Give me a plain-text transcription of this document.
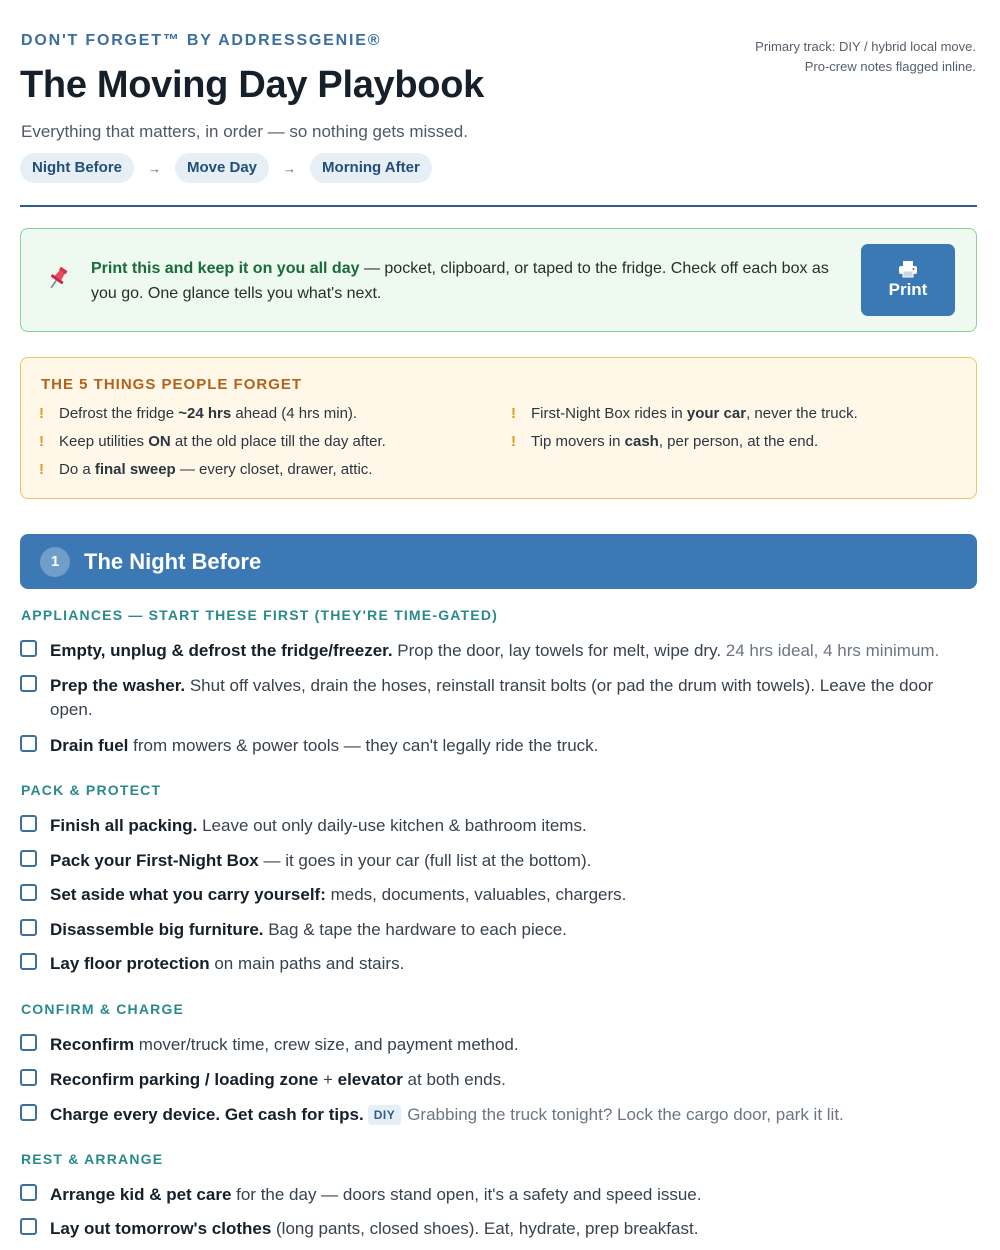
DON'T FORGET™ BY ADDRESSGENIE®	Primary track: DIY / hybrid local move.
Pro-crew notes flagged inline.
The Moving Day Playbook
Everything that matters, in order — so nothing gets missed.
Night Before	→	Move Day	→	Morning After
Print this and keep it on you all day — pocket, clipboard, or taped to the fridge. Check off each box as you go. One glance tells you what's next.	Print
THE 5 THINGS PEOPLE FORGET
!	Defrost the fridge ~24 hrs ahead (4 hrs min).
!	Keep utilities ON at the old place till the day after.
!	Do a final sweep — every closet, drawer, attic.
!	First-Night Box rides in your car, never the truck.
!	Tip movers in cash, per person, at the end.
1	The Night Before
APPLIANCES — START THESE FIRST (THEY'RE TIME-GATED)
Empty, unplug & defrost the fridge/freezer. Prop the door, lay towels for melt, wipe dry. 24 hrs ideal, 4 hrs minimum.
Prep the washer. Shut off valves, drain the hoses, reinstall transit bolts (or pad the drum with towels). Leave the door open.
Drain fuel from mowers & power tools — they can't legally ride the truck.
PACK & PROTECT
Finish all packing. Leave out only daily-use kitchen & bathroom items.
Pack your First-Night Box — it goes in your car (full list at the bottom).
Set aside what you carry yourself: meds, documents, valuables, chargers.
Disassemble big furniture. Bag & tape the hardware to each piece.
Lay floor protection on main paths and stairs.
CONFIRM & CHARGE
Reconfirm mover/truck time, crew size, and payment method.
Reconfirm parking / loading zone + elevator at both ends.
Charge every device. Get cash for tips. DIY Grabbing the truck tonight? Lock the cargo door, park it lit.
REST & ARRANGE
Arrange kid & pet care for the day — doors stand open, it's a safety and speed issue.
Lay out tomorrow's clothes (long pants, closed shoes). Eat, hydrate, prep breakfast.
